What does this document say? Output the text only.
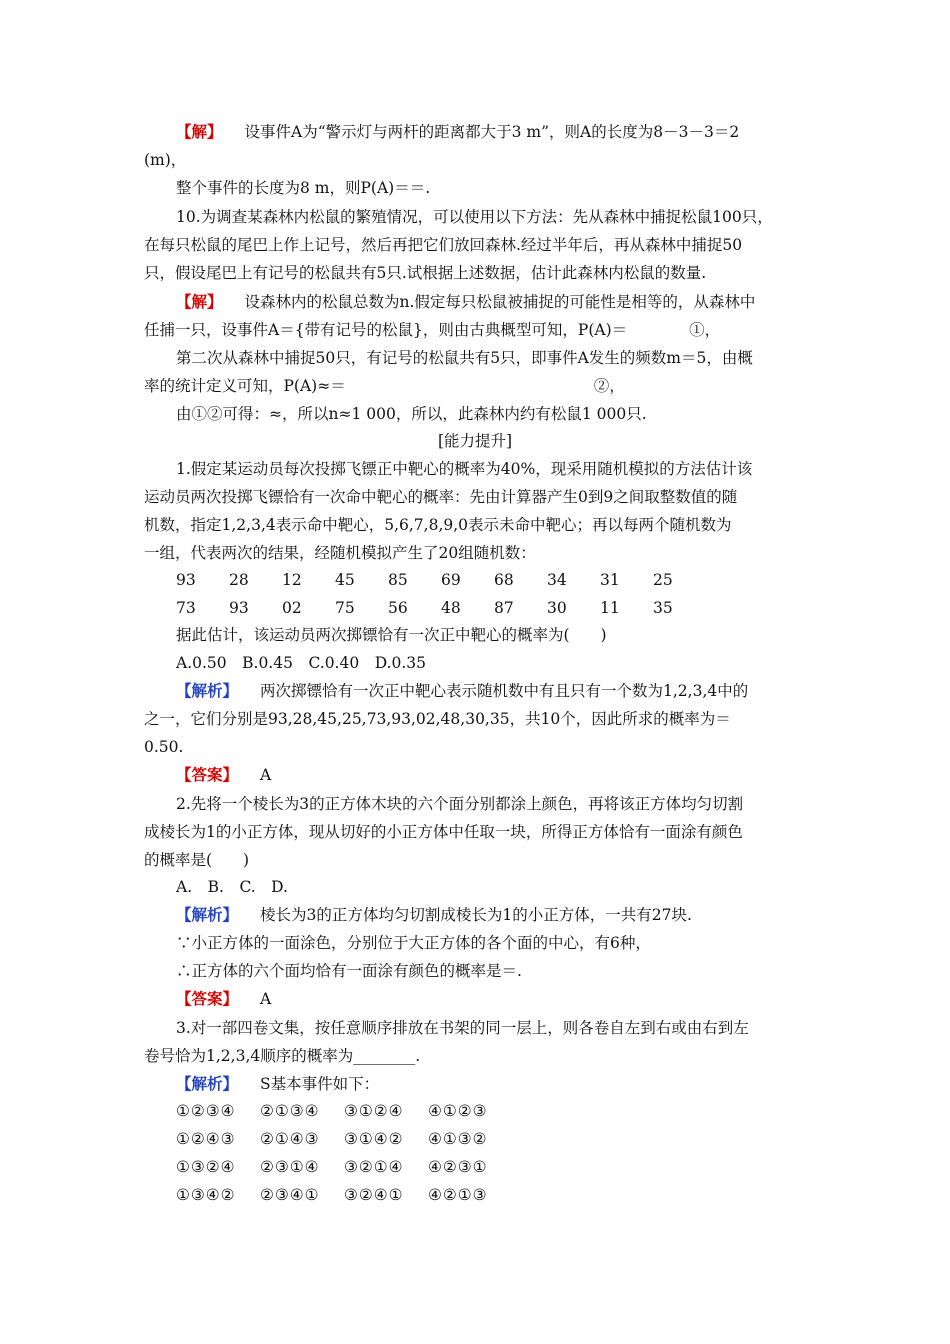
【解】 设事件A为“警示灯与两杆的距离都大于3 m”，则A的长度为8－3－3＝2
(m)，
整个事件的长度为8 m，则P(A)＝＝.
10.为调查某森林内松鼠的繁殖情况，可以使用以下方法：先从森林中捕捉松鼠100只，
在每只松鼠的尾巴上作上记号，然后再把它们放回森林.经过半年后，再从森林中捕捉50
只，假设尾巴上有记号的松鼠共有5只.试根据上述数据，估计此森林内松鼠的数量.
【解】 设森林内的松鼠总数为n.假定每只松鼠被捕捉的可能性是相等的，从森林中
任捕一只，设事件A＝{带有记号的松鼠}，则由古典概型可知，P(A)＝　　　　①，
第二次从森林中捕捉50只，有记号的松鼠共有5只，即事件A发生的频数m＝5，由概
率的统计定义可知，P(A)≈＝　　　　　　　　　　　　　　　　②，
由①②可得：≈，所以n≈1 000，所以，此森林内约有松鼠1 000只.
[能力提升]
1.假定某运动员每次投掷飞镖正中靶心的概率为40%，现采用随机模拟的方法估计该
运动员两次投掷飞镖恰有一次命中靶心的概率：先由计算器产生0到9之间取整数值的随
机数，指定1,2,3,4表示命中靶心，5,6,7,8,9,0表示未命中靶心；再以每两个随机数为
一组，代表两次的结果，经随机模拟产生了20组随机数：
93 28 12 45 85 69 68 34 31 25
73 93 02 75 56 48 87 30 11 35
据此估计，该运动员两次掷镖恰有一次正中靶心的概率为(　　)
A.0.50　B.0.45　C.0.40　D.0.35
【解析】 两次掷镖恰有一次正中靶心表示随机数中有且只有一个数为1,2,3,4中的
之一，它们分别是93,28,45,25,73,93,02,48,30,35，共10个，因此所求的概率为＝
0.50.
【答案】 A
2.先将一个棱长为3的正方体木块的六个面分别都涂上颜色，再将该正方体均匀切割
成棱长为1的小正方体，现从切好的小正方体中任取一块，所得正方体恰有一面涂有颜色
的概率是(　　)
A.　B.　C.　D.
【解析】 棱长为3的正方体均匀切割成棱长为1的小正方体，一共有27块.
∵小正方体的一面涂色，分别位于大正方体的各个面的中心，有6种，
∴正方体的六个面均恰有一面涂有颜色的概率是＝.
【答案】 A
3.对一部四卷文集，按任意顺序排放在书架的同一层上，则各卷自左到右或由右到左
卷号恰为1,2,3,4顺序的概率为________.
【解析】 S基本事件如下：
①②③④ ②①③④ ③①②④ ④①②③
①②④③ ②①④③ ③①④② ④①③②
①③②④ ②③①④ ③②①④ ④②③①
①③④② ②③④① ③②④① ④②①③
